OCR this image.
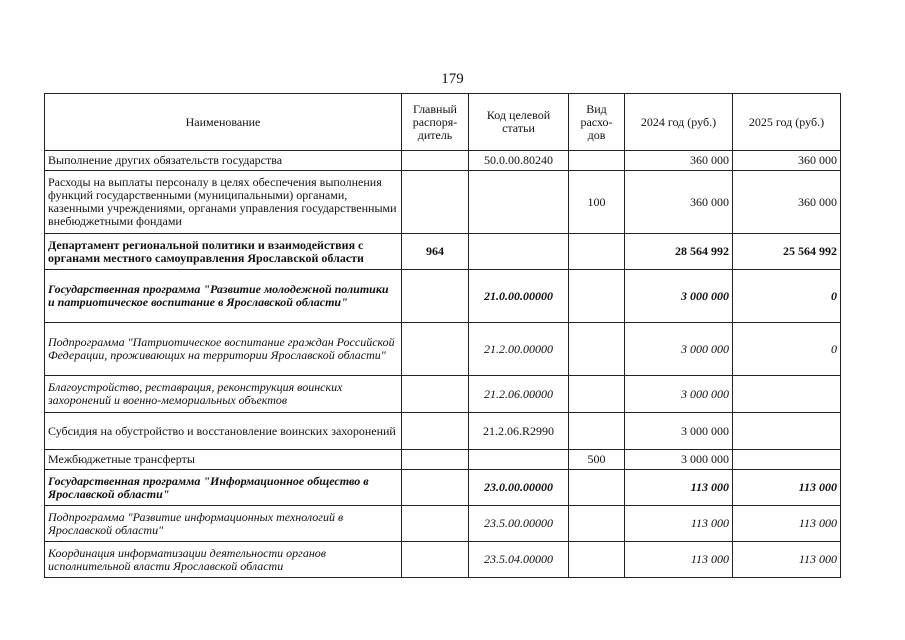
179
Наименование	Главный распоря-дитель	Код целевой статьи	Вид расхо-дов	2024 год (руб.)	2025 год (руб.)
Выполнение других обязательств государства		50.0.00.80240		360 000	360 000
Расходы на выплаты персоналу в целях обеспечения выполнения функций государственными (муниципальными) органами, казенными учреждениями, органами управления государственными внебюджетными фондами			100	360 000	360 000
Департамент региональной политики и взаимодействия с органами местного самоуправления Ярославской области	964			28 564 992	25 564 992
Государственная программа "Развитие молодежной политики и патриотическое воспитание в Ярославской области"		21.0.00.00000		3 000 000	0
Подпрограмма "Патриотическое воспитание граждан Российской Федерации, проживающих на территории Ярославской области"		21.2.00.00000		3 000 000	0
Благоустройство, реставрация, реконструкция воинских захоронений и военно-мемориальных объектов		21.2.06.00000		3 000 000	
Субсидия на обустройство и восстановление воинских захоронений		21.2.06.R2990		3 000 000	
Межбюджетные трансферты			500	3 000 000	
Государственная программа "Информационное общество в Ярославской области"		23.0.00.00000		113 000	113 000
Подпрограмма "Развитие информационных технологий в Ярославской области"		23.5.00.00000		113 000	113 000
Координация информатизации деятельности органов исполнительной власти Ярославской области		23.5.04.00000		113 000	113 000
